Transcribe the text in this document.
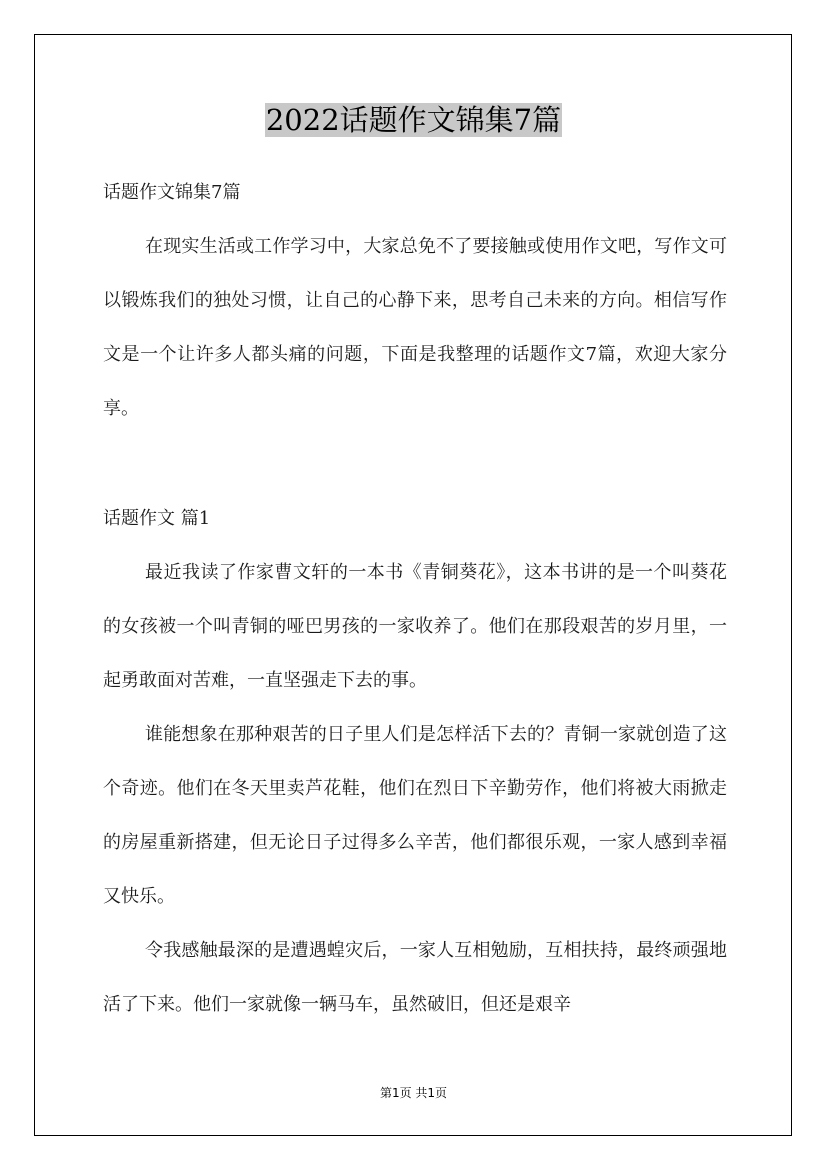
2022话题作文锦集7篇
话题作文锦集7篇

在现实生活或工作学习中，大家总免不了要接触或使用作文吧，写作文可以锻炼我们的独处习惯，让自己的心静下来，思考自己未来的方向。相信写作文是一个让许多人都头痛的问题，下面是我整理的话题作文7篇，欢迎大家分享。

话题作文 篇1

最近我读了作家曹文轩的一本书《青铜葵花》，这本书讲的是一个叫葵花的女孩被一个叫青铜的哑巴男孩的一家收养了。他们在那段艰苦的岁月里，一起勇敢面对苦难，一直坚强走下去的事。

谁能想象在那种艰苦的日子里人们是怎样活下去的？青铜一家就创造了这个奇迹。他们在冬天里卖芦花鞋，他们在烈日下辛勤劳作，他们将被大雨掀走的房屋重新搭建，但无论日子过得多么辛苦，他们都很乐观，一家人感到幸福又快乐。

令我感触最深的是遭遇蝗灾后，一家人互相勉励，互相扶持，最终顽强地活了下来。他们一家就像一辆马车，虽然破旧，但还是艰辛

第1页 共1页
